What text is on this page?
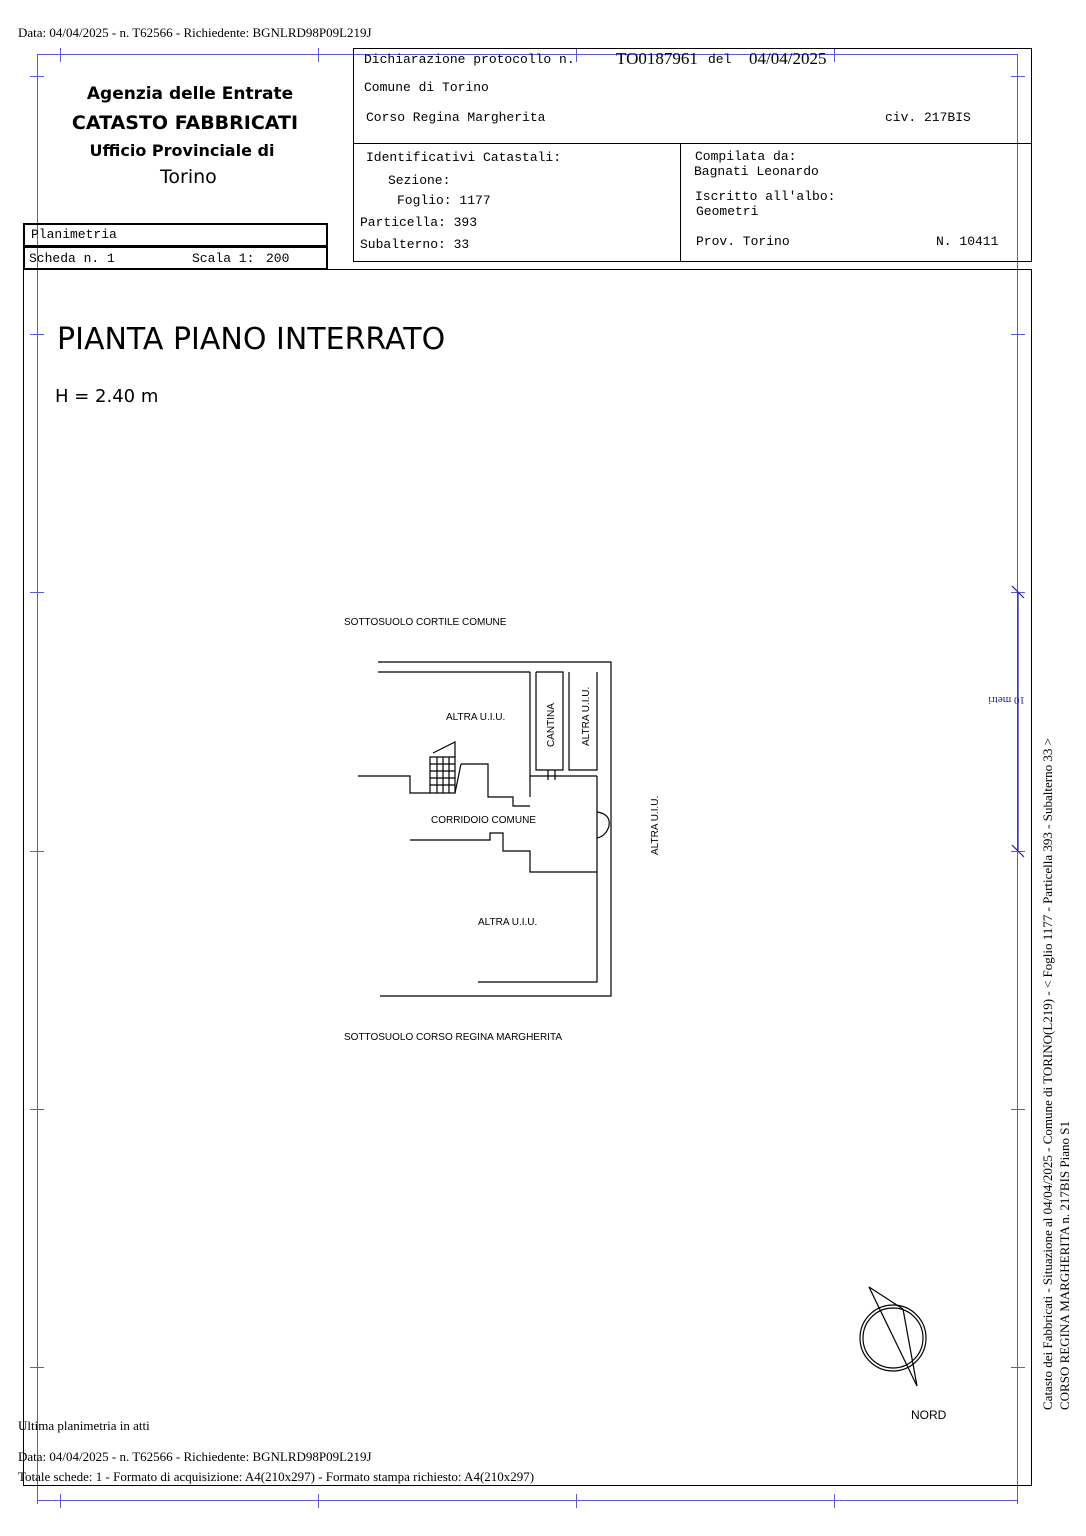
Data: 04/04/2025 - n. T62566 - Richiedente: BGNLRD98P09L219J
Agenzia delle Entrate
CATASTO FABBRICATI
Ufficio Provinciale di
Torino
Planimetria
Scheda n. 1	Scala 1: 200
Dichiarazione protocollo n. TO0187961 del 04/04/2025
Comune di Torino
Corso Regina Margherita	civ. 217BIS
Identificativi Catastali:
Sezione:
Foglio: 1177
Particella: 393
Subalterno: 33
Compilata da:
Bagnati Leonardo
Iscritto all'albo:
Geometri
Prov. Torino	N. 10411
PIANTA PIANO INTERRATO
H = 2.40 m
SOTTOSUOLO CORTILE COMUNE
SOTTOSUOLO CORSO REGINA MARGHERITA
ALTRA U.I.U.
CORRIDOIO COMUNE
ALTRA U.I.U.
CANTINA ALTRA U.I.U.
ALTRA U.I.U.
NORD
10 metri
Catasto dei Fabbricati - Situazione al 04/04/2025 - Comune di TORINO(L219) - < Foglio 1177 - Particella 393 - Subalterno 33 > CORSO REGINA MARGHERITA n. 217BIS Piano S1
Ultima planimetria in atti
Data: 04/04/2025 - n. T62566 - Richiedente: BGNLRD98P09L219J
Totale schede: 1 - Formato di acquisizione: A4(210x297) - Formato stampa richiesto: A4(210x297)
